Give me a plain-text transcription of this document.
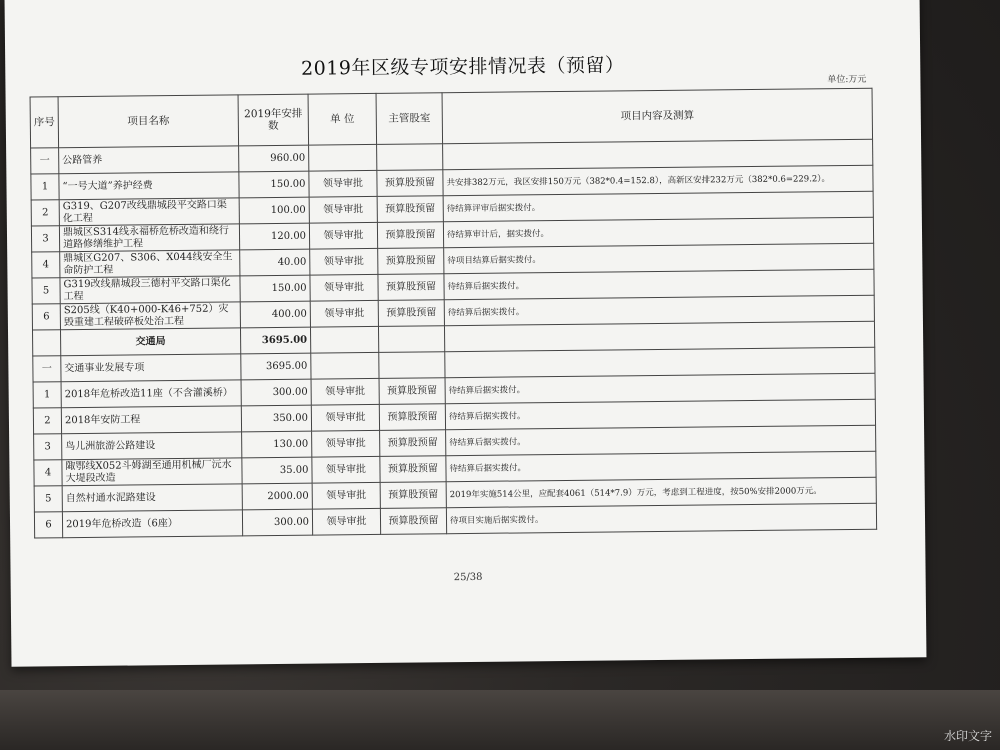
2019年区级专项安排情况表（预留）
单位:万元
序号	项目名称	2019年安排数	单 位	主管股室	项目内容及测算
一	公路管养	960.00			
1	“一号大道”养护经费	150.00	领导审批	预算股预留	共安排382万元，我区安排150万元（382*0.4=152.8），高新区安排232万元（382*0.6=229.2）。
2	G319、G207改线鼎城段平交路口渠化工程	100.00	领导审批	预算股预留	待结算评审后据实拨付。
3	鼎城区S314线永福桥危桥改造和绕行道路修缮维护工程	120.00	领导审批	预算股预留	待结算审计后，据实拨付。
4	鼎城区G207、S306、X044线安全生命防护工程	40.00	领导审批	预算股预留	待项目结算后据实拨付。
5	G319改线鼎城段三德村平交路口渠化工程	150.00	领导审批	预算股预留	待结算后据实拨付。
6	S205线（K40+000-K46+752）灾毁重建工程破碎板处治工程	400.00	领导审批	预算股预留	待结算后据实拨付。
	交通局	3695.00			
一	交通事业发展专项	3695.00			
1	2018年危桥改造11座（不含灌溪桥）	300.00	领导审批	预算股预留	待结算后据实拨付。
2	2018年安防工程	350.00	领导审批	预算股预留	待结算后据实拨付。
3	鸟儿洲旅游公路建设	130.00	领导审批	预算股预留	待结算后据实拨付。
4	陬鄂线X052斗姆湖至通用机械厂沅水大堤段改造	35.00	领导审批	预算股预留	待结算后据实拨付。
5	自然村通水泥路建设	2000.00	领导审批	预算股预留	2019年实施514公里，应配套4061（514*7.9）万元，考虑到工程进度，按50%安排2000万元。
6	2019年危桥改造（6座）	300.00	领导审批	预算股预留	待项目实施后据实拨付。
25/38
水印文字
